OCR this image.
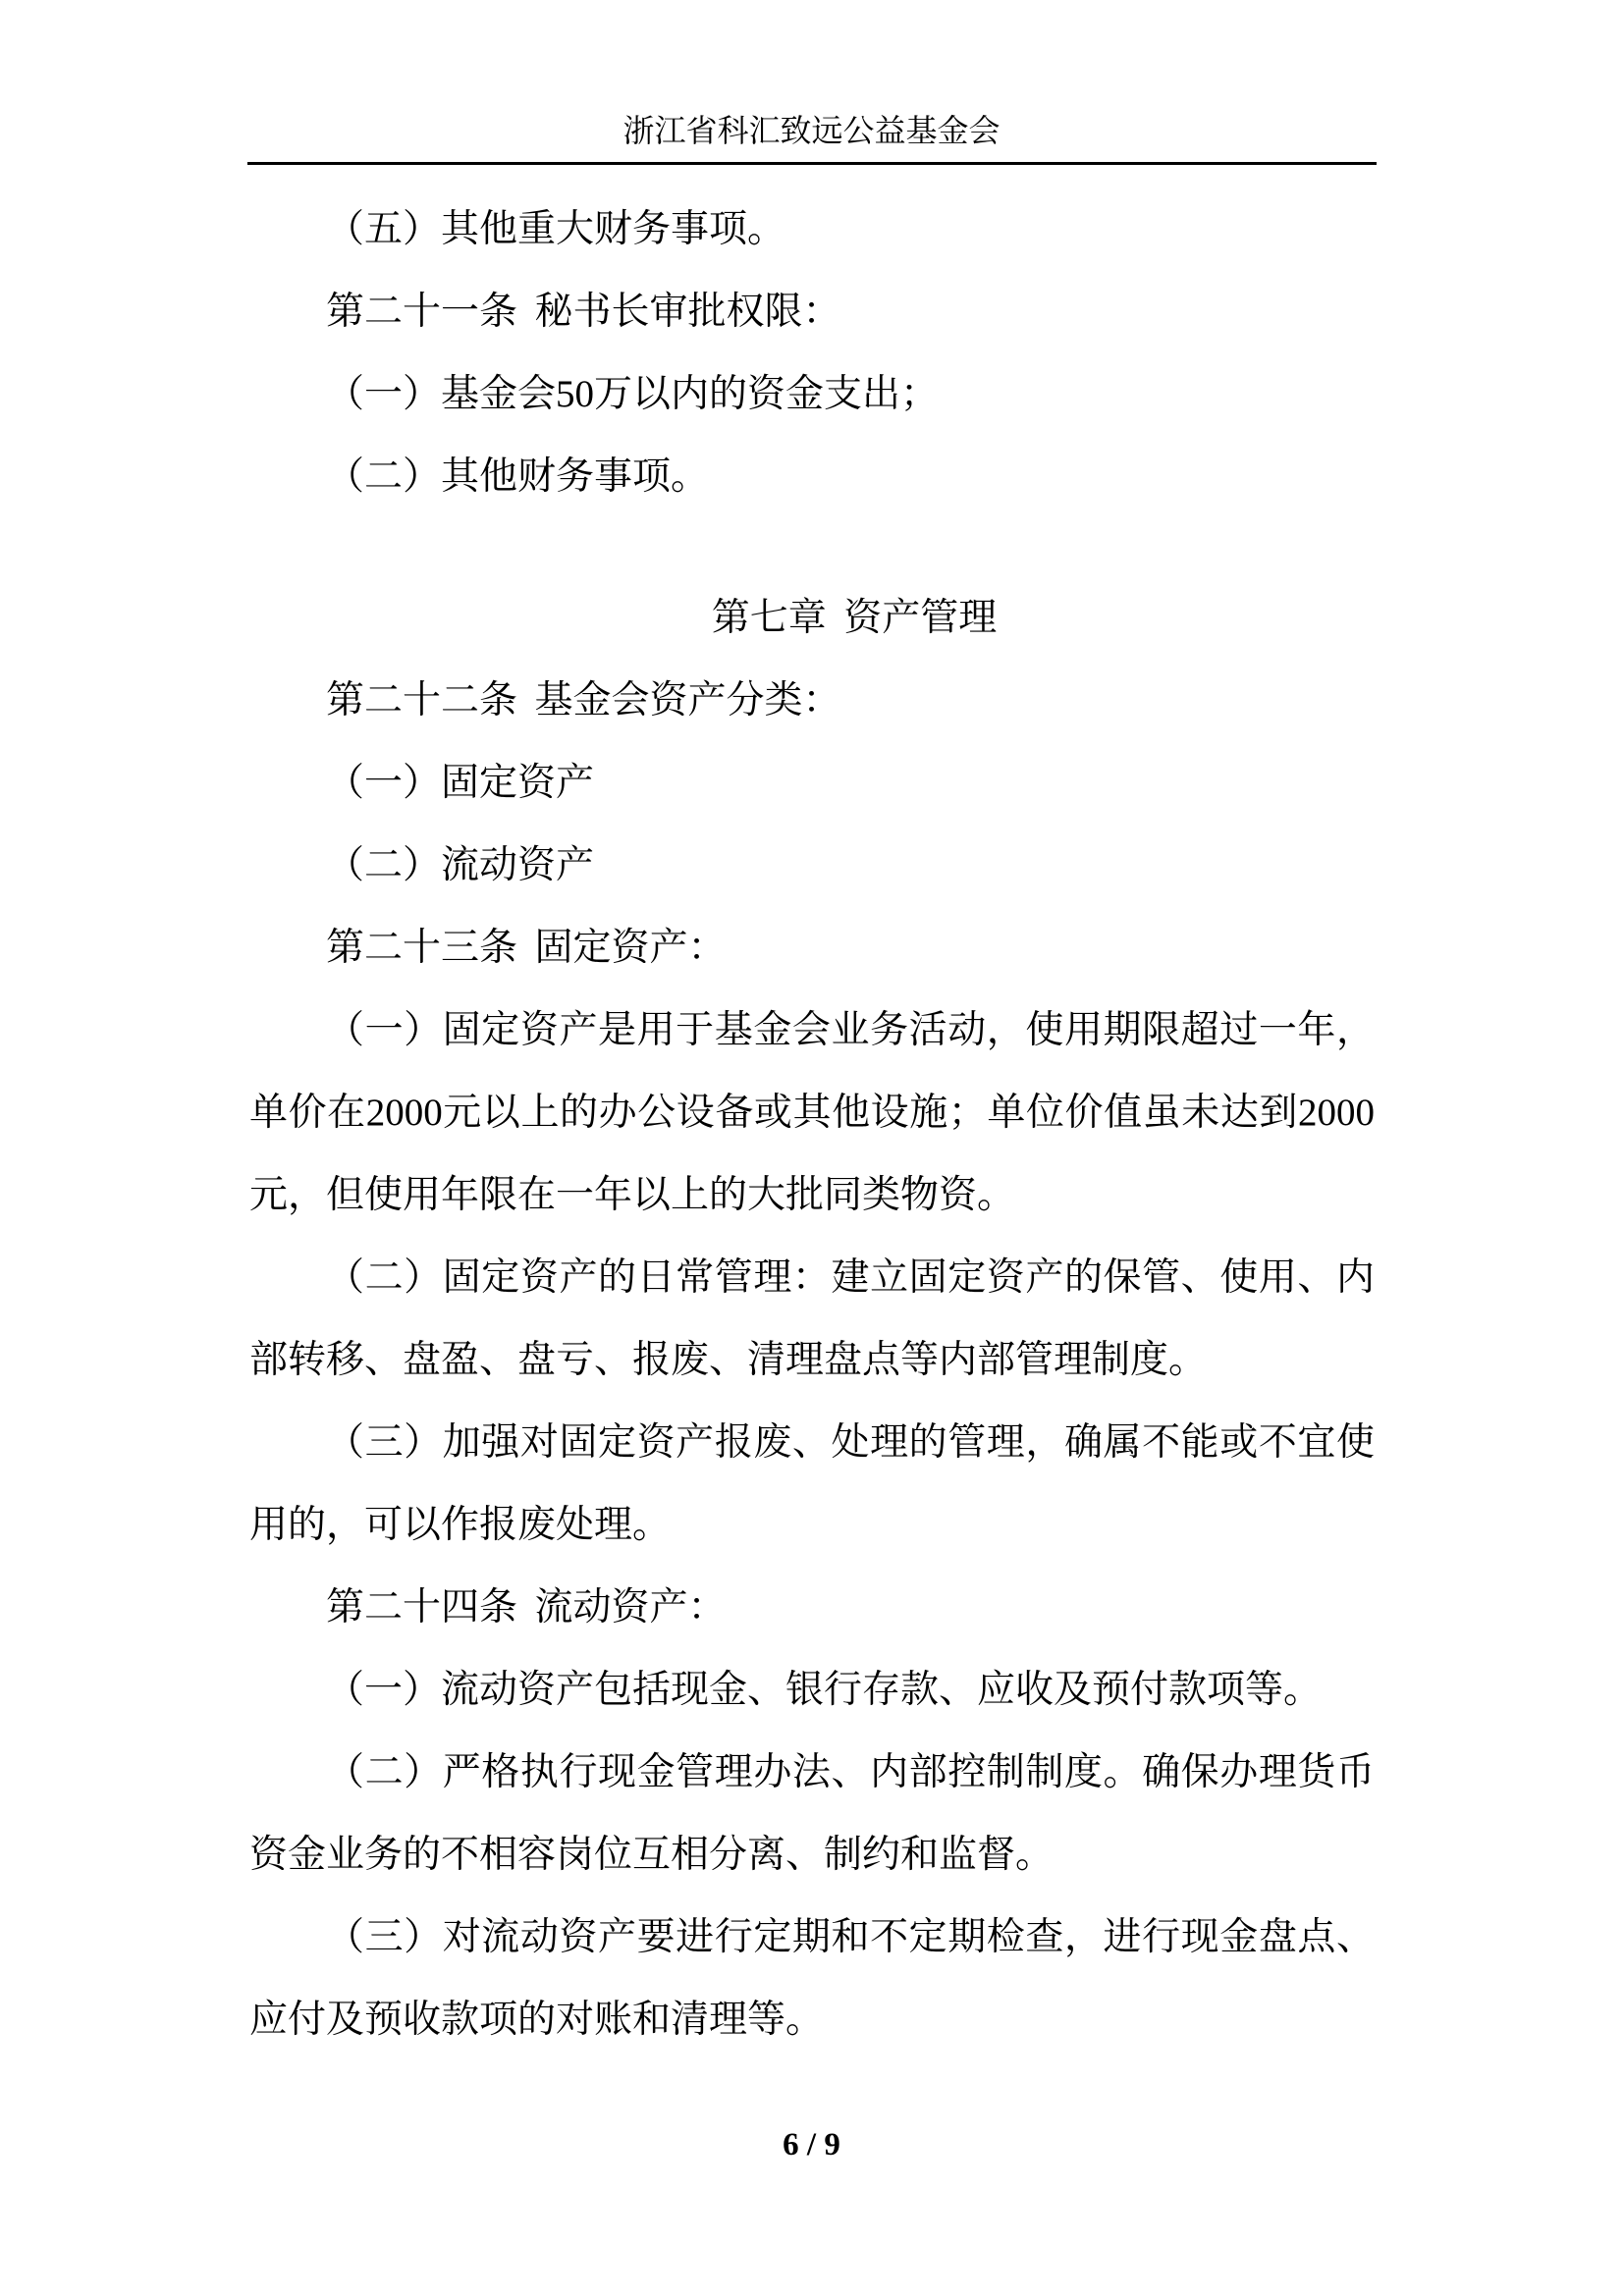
浙江省科汇致远公益基金会

（五）其他重大财务事项。

第二十一条 秘书长审批权限：

（一）基金会50万以内的资金支出；

（二）其他财务事项。

第七章 资产管理

第二十二条 基金会资产分类：

（一）固定资产

（二）流动资产

第二十三条 固定资产：

（一）固定资产是用于基金会业务活动，使用期限超过一年，

单价在2000元以上的办公设备或其他设施；单位价值虽未达到2000

元，但使用年限在一年以上的大批同类物资。

（二）固定资产的日常管理：建立固定资产的保管、使用、内

部转移、盘盈、盘亏、报废、清理盘点等内部管理制度。

（三）加强对固定资产报废、处理的管理，确属不能或不宜使

用的，可以作报废处理。

第二十四条 流动资产：

（一）流动资产包括现金、银行存款、应收及预付款项等。

（二）严格执行现金管理办法、内部控制制度。确保办理货币

资金业务的不相容岗位互相分离、制约和监督。

（三）对流动资产要进行定期和不定期检查，进行现金盘点、

应付及预收款项的对账和清理等。

6 / 9
